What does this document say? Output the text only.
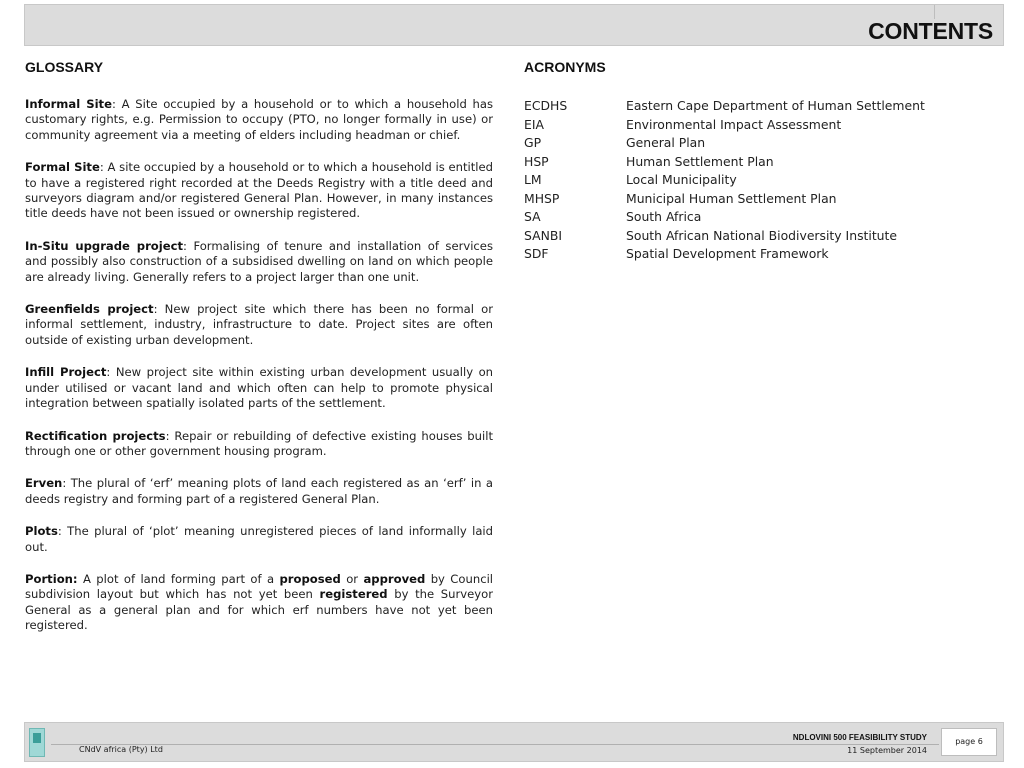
CONTENTS
GLOSSARY	ACRONYMS

Informal Site: A Site occupied by a household or to which a household has customary rights, e.g. Permission to occupy (PTO, no longer formally in use) or community agreement via a meeting of elders including headman or chief.

Formal Site: A site occupied by a household or to which a household is entitled to have a registered right recorded at the Deeds Registry with a title deed and surveyors diagram and/or registered General Plan. However, in many instances title deeds have not been issued or ownership registered.

In-Situ upgrade project: Formalising of tenure and installation of services and possibly also construction of a subsidised dwelling on land on which people are already living. Generally refers to a project larger than one unit.

Greenfields project: New project site which there has been no formal or informal settlement, industry, infrastructure to date. Project sites are often outside of existing urban development.

Infill Project: New project site within existing urban development usually on under utilised or vacant land and which often can help to promote physical integration between spatially isolated parts of the settlement.

Rectification projects: Repair or rebuilding of defective existing houses built through one or other government housing program.

Erven: The plural of ‘erf’ meaning plots of land each registered as an ‘erf’ in a deeds registry and forming part of a registered General Plan.

Plots: The plural of ‘plot’ meaning unregistered pieces of land informally laid out.

Portion: A plot of land forming part of a proposed or approved by Council subdivision layout but which has not yet been registered by the Surveyor General as a general plan and for which erf numbers have not yet been registered.

ECDHS	Eastern Cape Department of Human Settlement
EIA	Environmental Impact Assessment
GP	General Plan
HSP	Human Settlement Plan
LM	Local Municipality
MHSP	Municipal Human Settlement Plan
SA	South Africa
SANBI	South African National Biodiversity Institute
SDF	Spatial Development Framework
CNdV africa (Pty) Ltd
NDLOVINI 500 FEASIBILITY STUDY
11 September 2014
page 6
